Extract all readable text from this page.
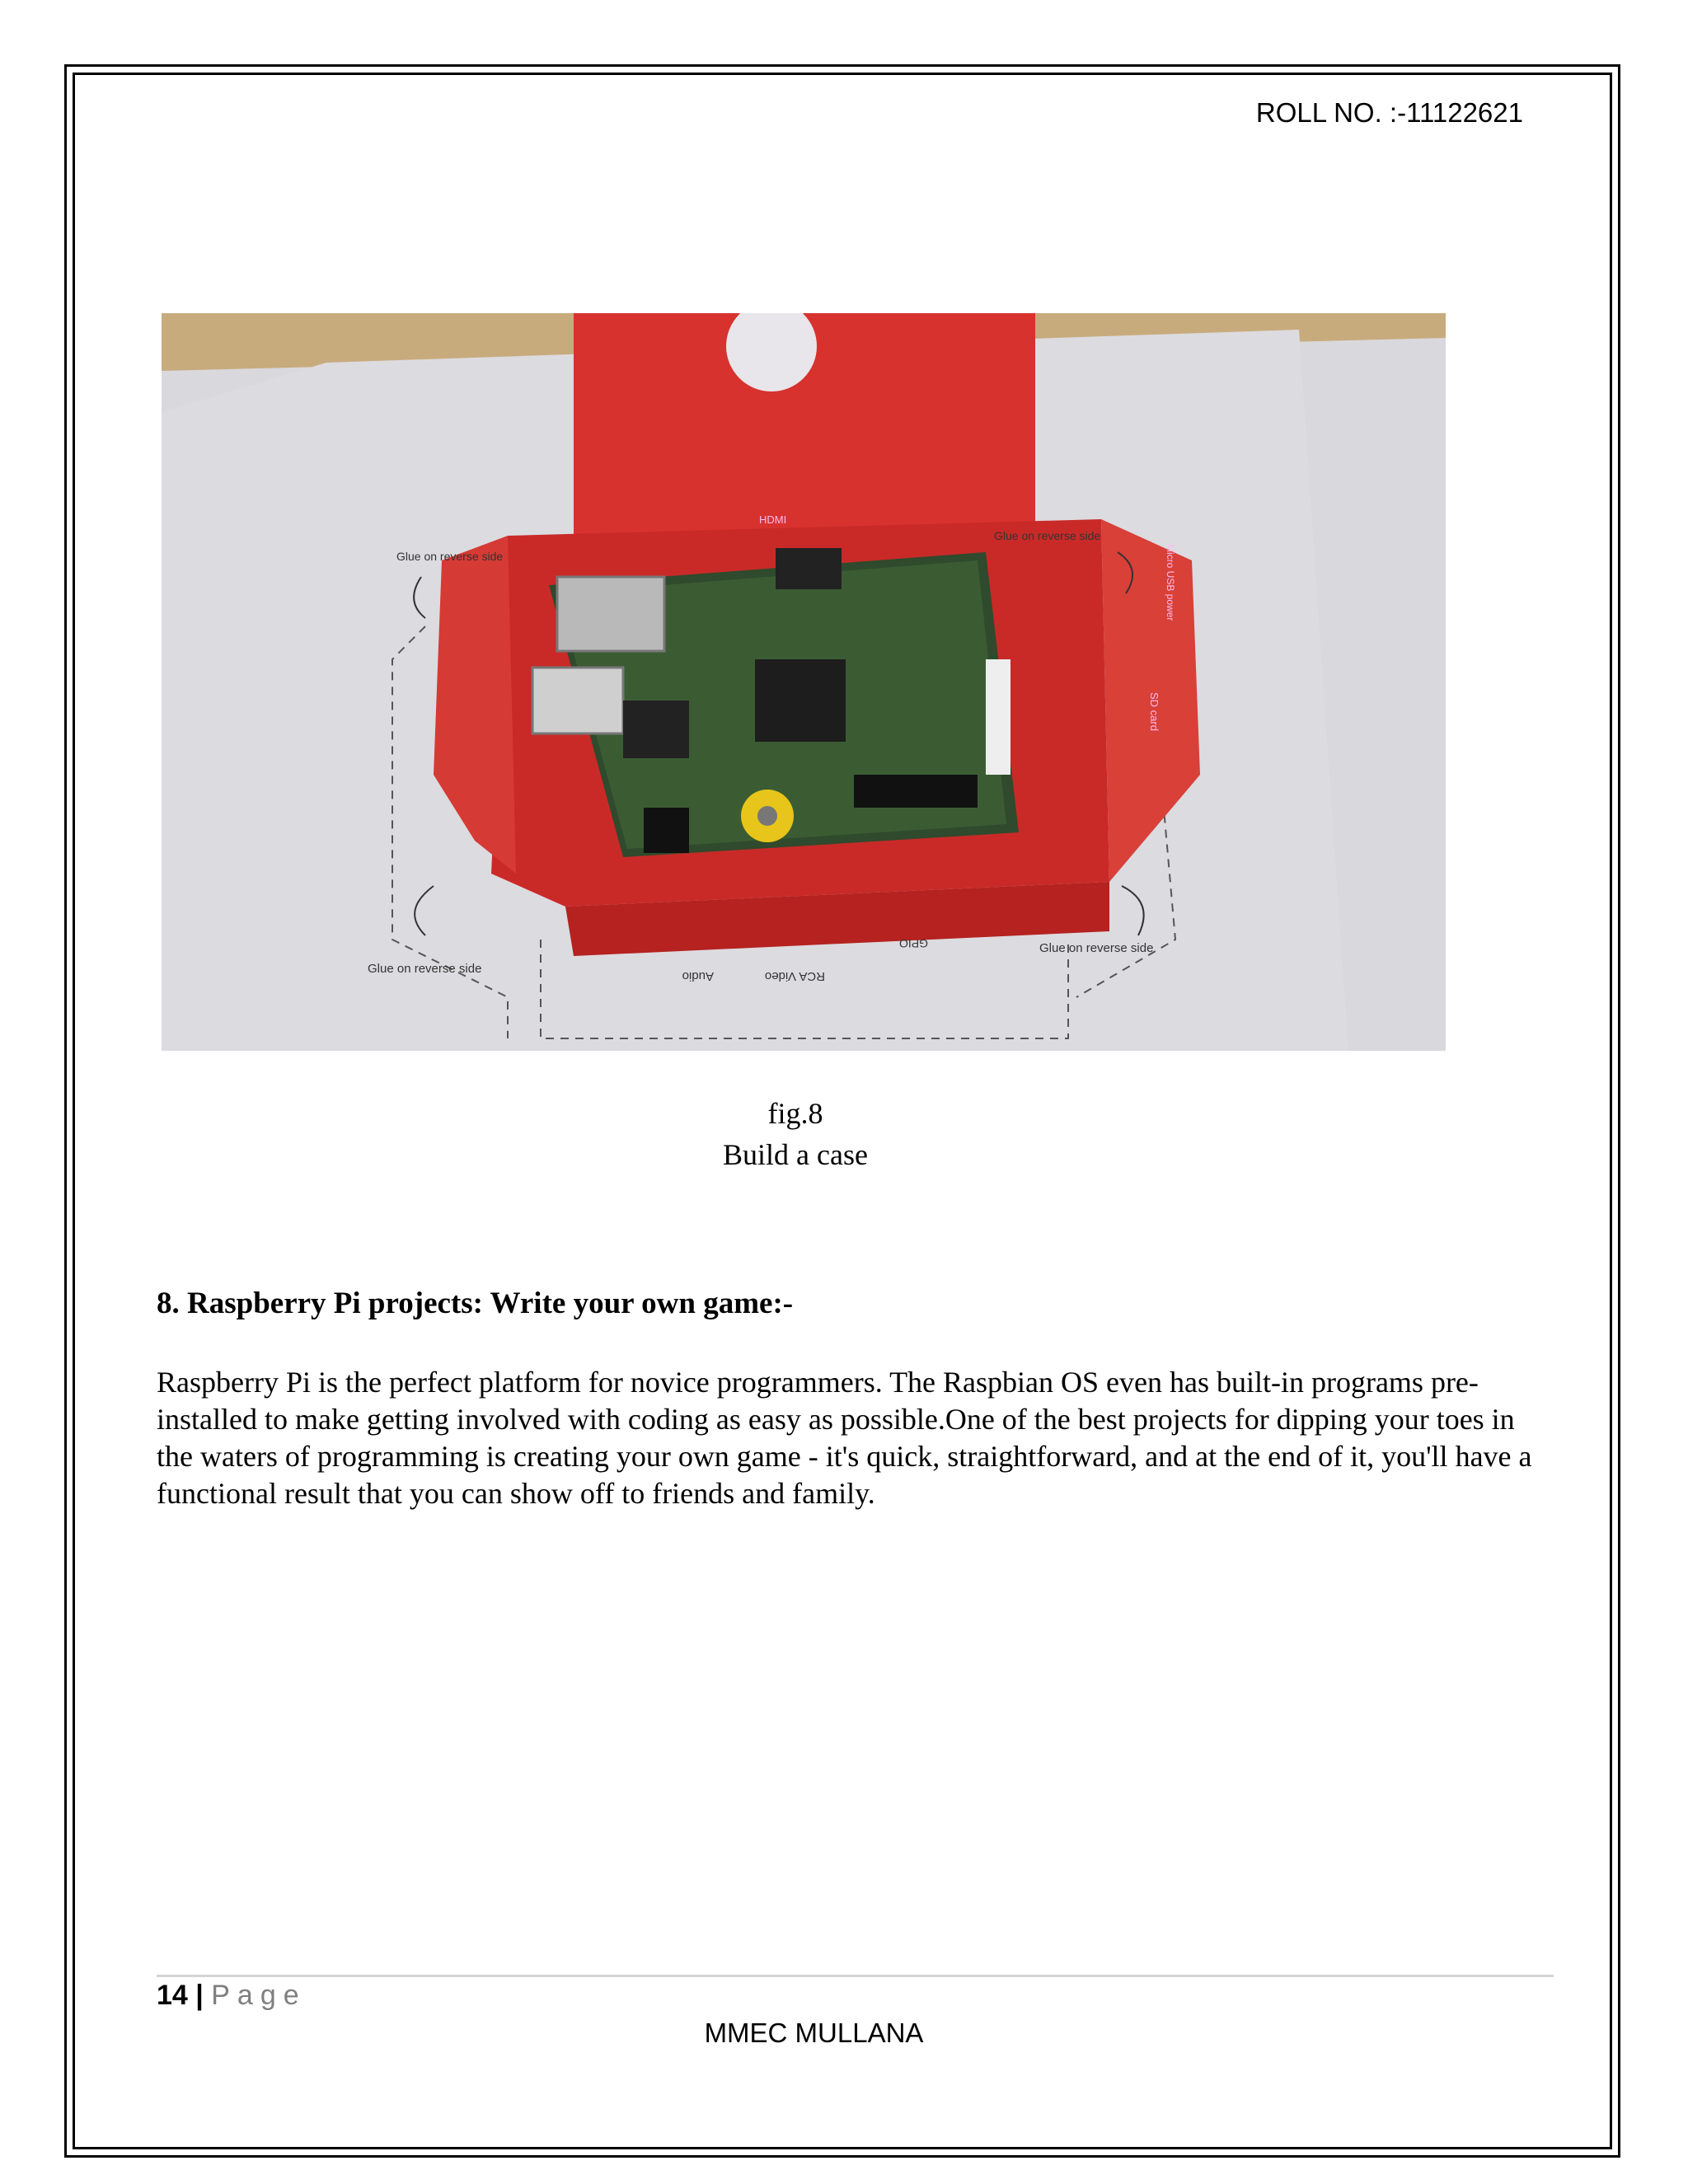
ROLL NO. :-11122621
Glue on reverse side
Glue on reverse side
Glue on reverse side
Glue on reverse side
HDMI
Audio	RCA Video
GPIO
SD card
Micro USB power
fig.8
Build a case
8. Raspberry Pi projects: Write your own game:-
Raspberry Pi is the perfect platform for novice programmers. The Raspbian OS even has built-in programs pre-installed to make getting involved with coding as easy as possible.One of the best projects for dipping your toes in the waters of programming is creating your own game - it's quick, straightforward, and at the end of it, you'll have a functional result that you can show off to friends and family.
14 | Page
MMEC MULLANA
